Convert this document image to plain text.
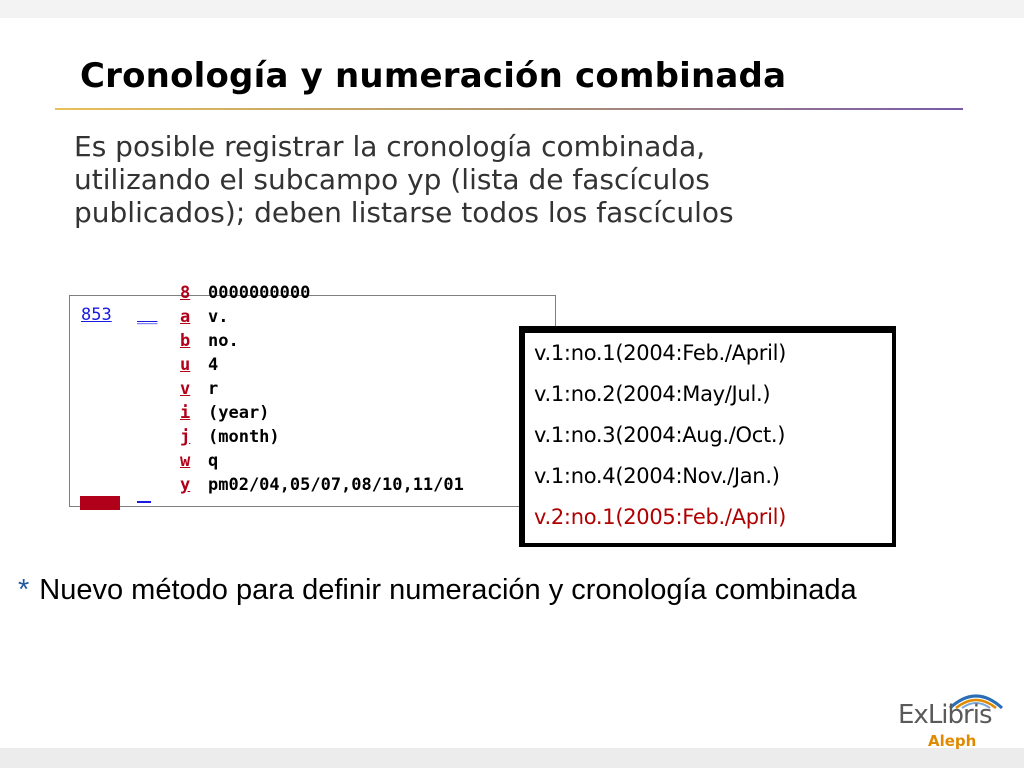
Cronología y numeración combinada
Es posible registrar la cronología combinada,
utilizando el subcampo yp (lista de fascículos
publicados); deben listarse todos los fascículos
853 __
8 0000000000
a v.
b no.
u 4
v r
i (year)
j (month)
w q
y pm02/04,05/07,08/10,11/01
v.1:no.1(2004:Feb./April)
v.1:no.2(2004:May/Jul.)
v.1:no.3(2004:Aug./Oct.)
v.1:no.4(2004:Nov./Jan.)
v.2:no.1(2005:Feb./April)
* Nuevo método para definir numeración y cronología combinada
ExLibris
Aleph
